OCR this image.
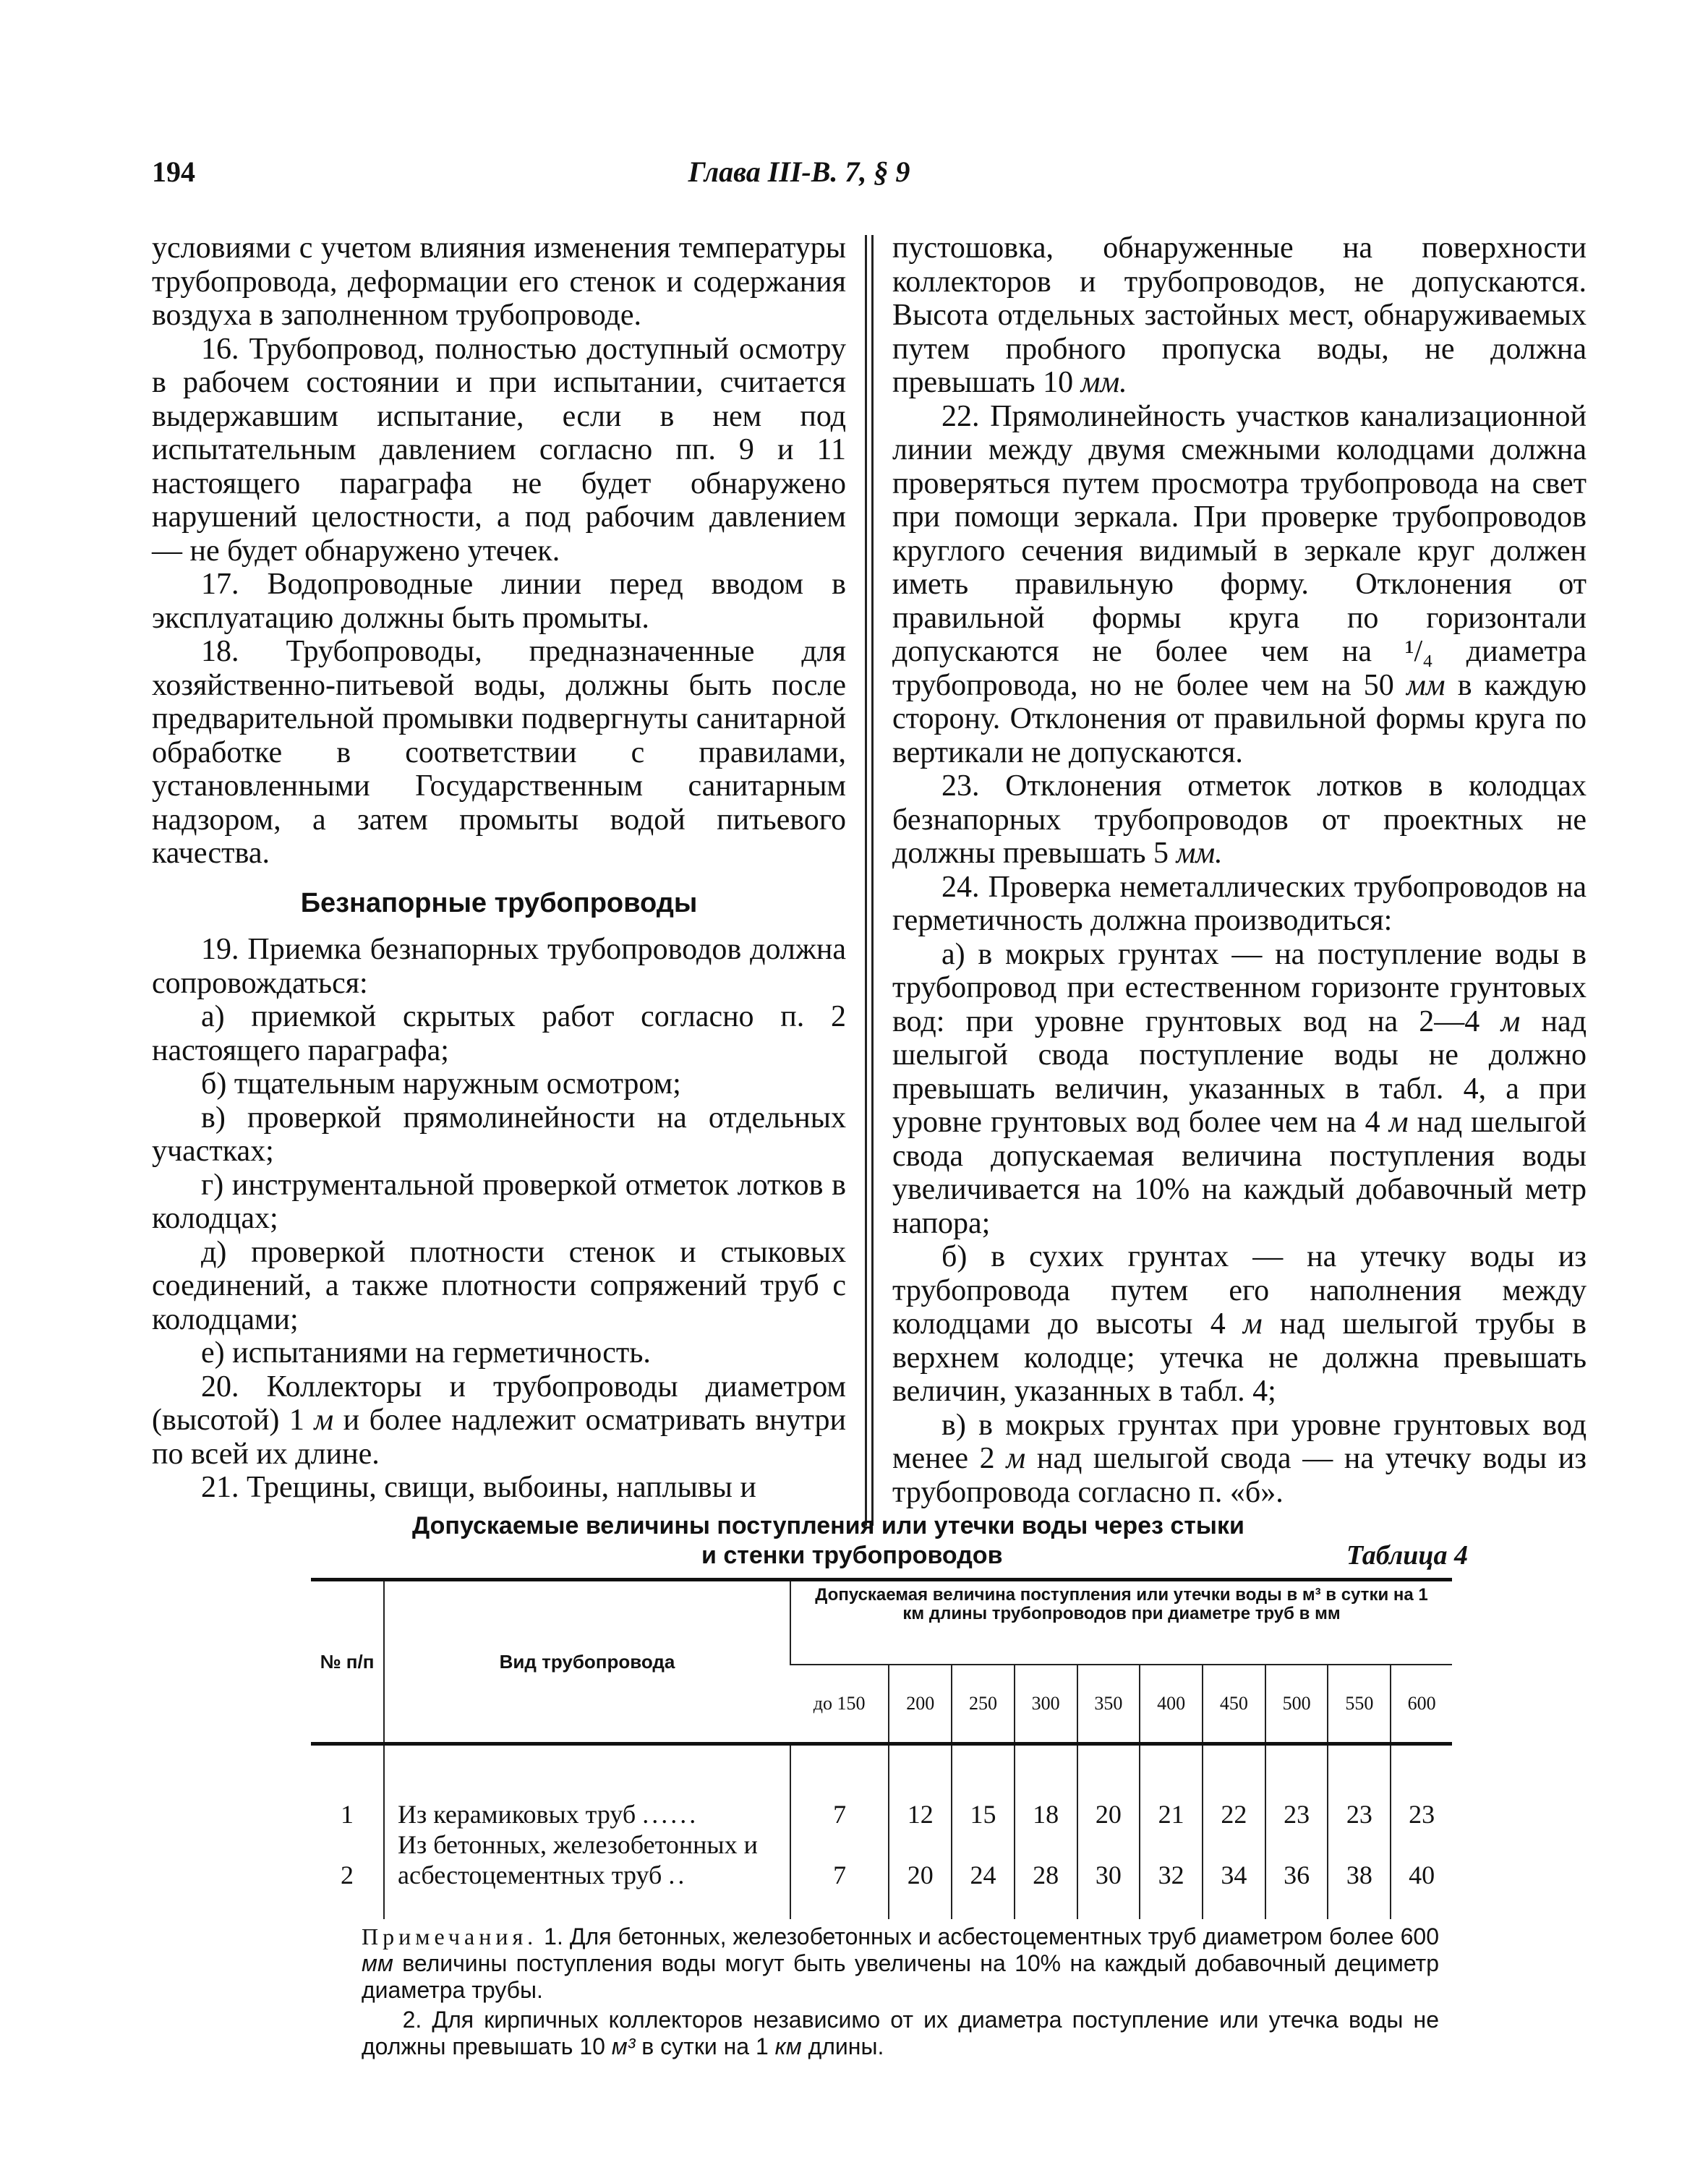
194	Глава III-В. 7, § 9

условиями с учетом влияния изменения температуры трубопровода, деформации его стенок и содержания воздуха в заполненном трубопроводе.

16. Трубопровод, полностью доступный осмотру в рабочем состоянии и при испытании, считается выдержавшим испытание, если в нем под испытательным давлением согласно пп. 9 и 11 настоящего параграфа не будет обнаружено нарушений целостности, а под рабочим давлением — не будет обнаружено утечек.

17. Водопроводные линии перед вводом в эксплуатацию должны быть промыты.

18. Трубопроводы, предназначенные для хозяйственно-питьевой воды, должны быть после предварительной промывки подвергнуты санитарной обработке в соответствии с правилами, установленными Государственным санитарным надзором, а затем промыты водой питьевого качества.

Безнапорные трубопроводы

19. Приемка безнапорных трубопроводов должна сопровождаться:

а) приемкой скрытых работ согласно п. 2 настоящего параграфа;

б) тщательным наружным осмотром;

в) проверкой прямолинейности на отдельных участках;

г) инструментальной проверкой отметок лотков в колодцах;

д) проверкой плотности стенок и стыковых соединений, а также плотности сопряжений труб с колодцами;

е) испытаниями на герметичность.

20. Коллекторы и трубопроводы диаметром (высотой) 1 м и более надлежит осматривать внутри по всей их длине.

21. Трещины, свищи, выбоины, наплывы и

пустошовка, обнаруженные на поверхности коллекторов и трубопроводов, не допускаются. Высота отдельных застойных мест, обнаруживаемых путем пробного пропуска воды, не должна превышать 10 мм.

22. Прямолинейность участков канализационной линии между двумя смежными колодцами должна проверяться путем просмотра трубопровода на свет при помощи зеркала. При проверке трубопроводов круглого сечения видимый в зеркале круг должен иметь правильную форму. Отклонения от правильной формы круга по горизонтали допускаются не более чем на ¹/₄ диаметра трубопровода, но не более чем на 50 мм в каждую сторону. Отклонения от правильной формы круга по вертикали не допускаются.

23. Отклонения отметок лотков в колодцах безнапорных трубопроводов от проектных не должны превышать 5 мм.

24. Проверка неметаллических трубопроводов на герметичность должна производиться:

а) в мокрых грунтах — на поступление воды в трубопровод при естественном горизонте грунтовых вод: при уровне грунтовых вод на 2—4 м над шелыгой свода поступление воды не должно превышать величин, указанных в табл. 4, а при уровне грунтовых вод более чем на 4 м над шелыгой свода допускаемая величина поступления воды увеличивается на 10% на каждый добавочный метр напора;

б) в сухих грунтах — на утечку воды из трубопровода путем его наполнения между колодцами до высоты 4 м над шелыгой трубы в верхнем колодце; утечка не должна превышать величин, указанных в табл. 4;

в) в мокрых грунтах при уровне грунтовых вод менее 2 м над шелыгой свода — на утечку воды из трубопровода согласно п. «б».

Допускаемые величины поступления или утечки воды через стыки
и стенки трубопроводов	Таблица 4
№ п/п	Вид трубопровода	Допускаемая величина поступления или утечки воды в м³ в сутки на 1 км длины трубопроводов при диаметре труб в мм									
		до 150	200	250	300	350	400	450	500	550	600

1	Из керамиковых труб ......	7	12	15	18	20	21	22	23	23	23
2	Из бетонных, железобетонных и асбестоцементных труб ..	7	20	24	28	30	32	34	36	38	40

Примечания. 1. Для бетонных, железобетонных и асбестоцементных труб диаметром более 600 мм величины поступления воды могут быть увеличены на 10% на каждый добавочный дециметр диаметра трубы.

2. Для кирпичных коллекторов независимо от их диаметра поступление или утечка воды не должны превышать 10 м³ в сутки на 1 км длины.
